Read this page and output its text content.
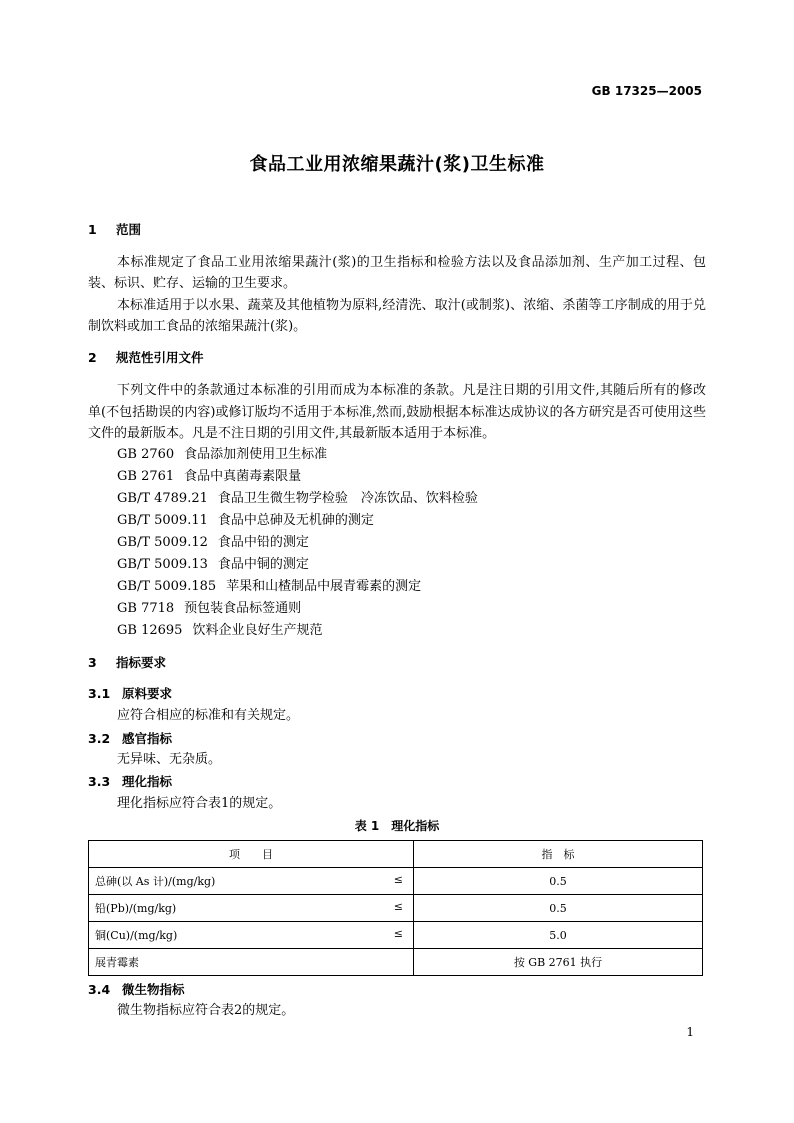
GB 17325—2005
食品工业用浓缩果蔬汁(浆)卫生标准
1 范围
本标准规定了食品工业用浓缩果蔬汁(浆)的卫生指标和检验方法以及食品添加剂、生产加工过程、包装、标识、贮存、运输的卫生要求。
本标准适用于以水果、蔬菜及其他植物为原料,经清洗、取汁(或制浆)、浓缩、杀菌等工序制成的用于兑制饮料或加工食品的浓缩果蔬汁(浆)。
2 规范性引用文件
下列文件中的条款通过本标准的引用而成为本标准的条款。凡是注日期的引用文件,其随后所有的修改单(不包括勘误的内容)或修订版均不适用于本标准,然而,鼓励根据本标准达成协议的各方研究是否可使用这些文件的最新版本。凡是不注日期的引用文件,其最新版本适用于本标准。
GB 2760 食品添加剂使用卫生标准
GB 2761 食品中真菌毒素限量
GB/T 4789.21 食品卫生微生物学检验　冷冻饮品、饮料检验
GB/T 5009.11 食品中总砷及无机砷的测定
GB/T 5009.12 食品中铅的测定
GB/T 5009.13 食品中铜的测定
GB/T 5009.185 苹果和山楂制品中展青霉素的测定
GB 7718 预包装食品标签通则
GB 12695 饮料企业良好生产规范
3 指标要求
3.1 原料要求
应符合相应的标准和有关规定。
3.2 感官指标
无异味、无杂质。
3.3 理化指标
理化指标应符合表1的规定。
表 1 理化指标
项　　目	指　标
总砷(以 As 计)/(mg/kg) ≤	0.5
铅(Pb)/(mg/kg) ≤	0.5
铜(Cu)/(mg/kg) ≤	5.0
展青霉素	按 GB 2761 执行
3.4 微生物指标
微生物指标应符合表2的规定。
1
